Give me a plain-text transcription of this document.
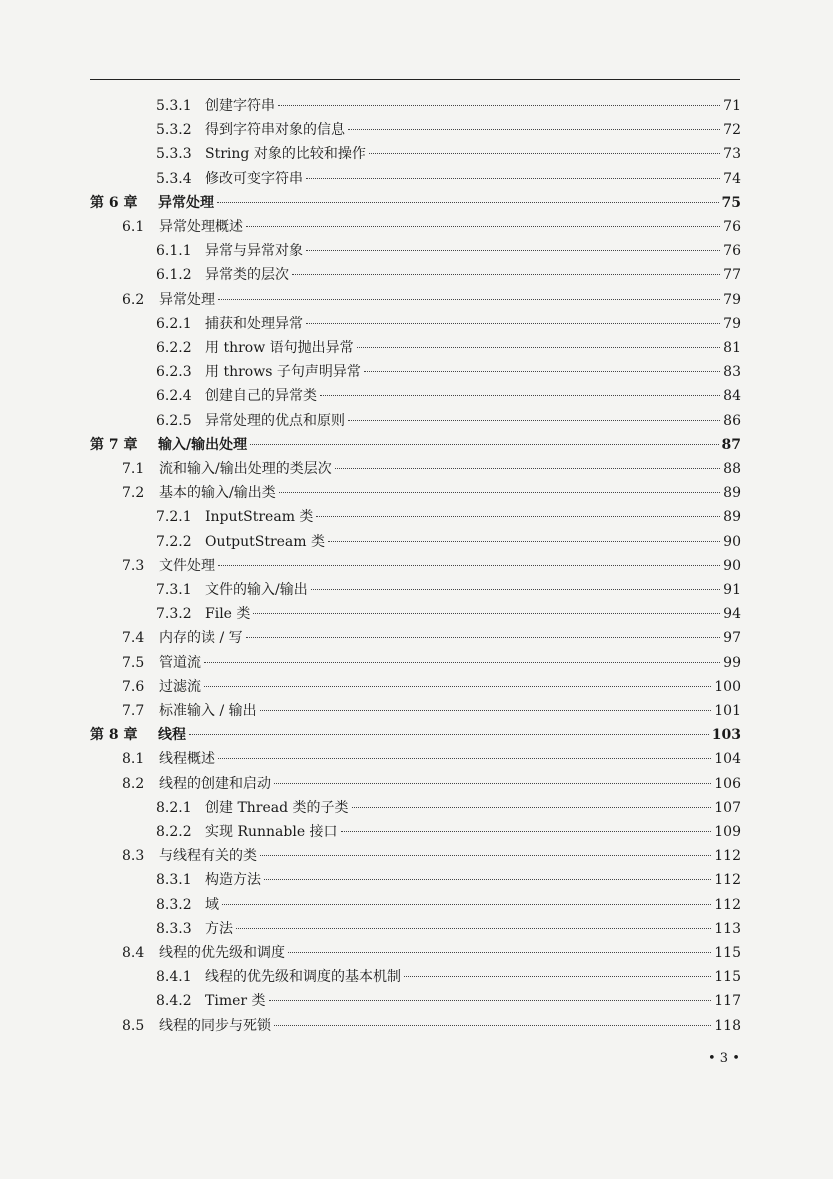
5.3.1 创建字符串	71
5.3.2 得到字符串对象的信息	72
5.3.3 String 对象的比较和操作	73
5.3.4 修改可变字符串	74
第 6 章 异常处理	75
6.1 异常处理概述	76
6.1.1 异常与异常对象	76
6.1.2 异常类的层次	77
6.2 异常处理	79
6.2.1 捕获和处理异常	79
6.2.2 用 throw 语句抛出异常	81
6.2.3 用 throws 子句声明异常	83
6.2.4 创建自己的异常类	84
6.2.5 异常处理的优点和原则	86
第 7 章 输入/输出处理	87
7.1 流和输入/输出处理的类层次	88
7.2 基本的输入/输出类	89
7.2.1 InputStream 类	89
7.2.2 OutputStream 类	90
7.3 文件处理	90
7.3.1 文件的输入/输出	91
7.3.2 File 类	94
7.4 内存的读 / 写	97
7.5 管道流	99
7.6 过滤流	100
7.7 标准输入 / 输出	101
第 8 章 线程	103
8.1 线程概述	104
8.2 线程的创建和启动	106
8.2.1 创建 Thread 类的子类	107
8.2.2 实现 Runnable 接口	109
8.3 与线程有关的类	112
8.3.1 构造方法	112
8.3.2 域	112
8.3.3 方法	113
8.4 线程的优先级和调度	115
8.4.1 线程的优先级和调度的基本机制	115
8.4.2 Timer 类	117
8.5 线程的同步与死锁	118
• 3 •
